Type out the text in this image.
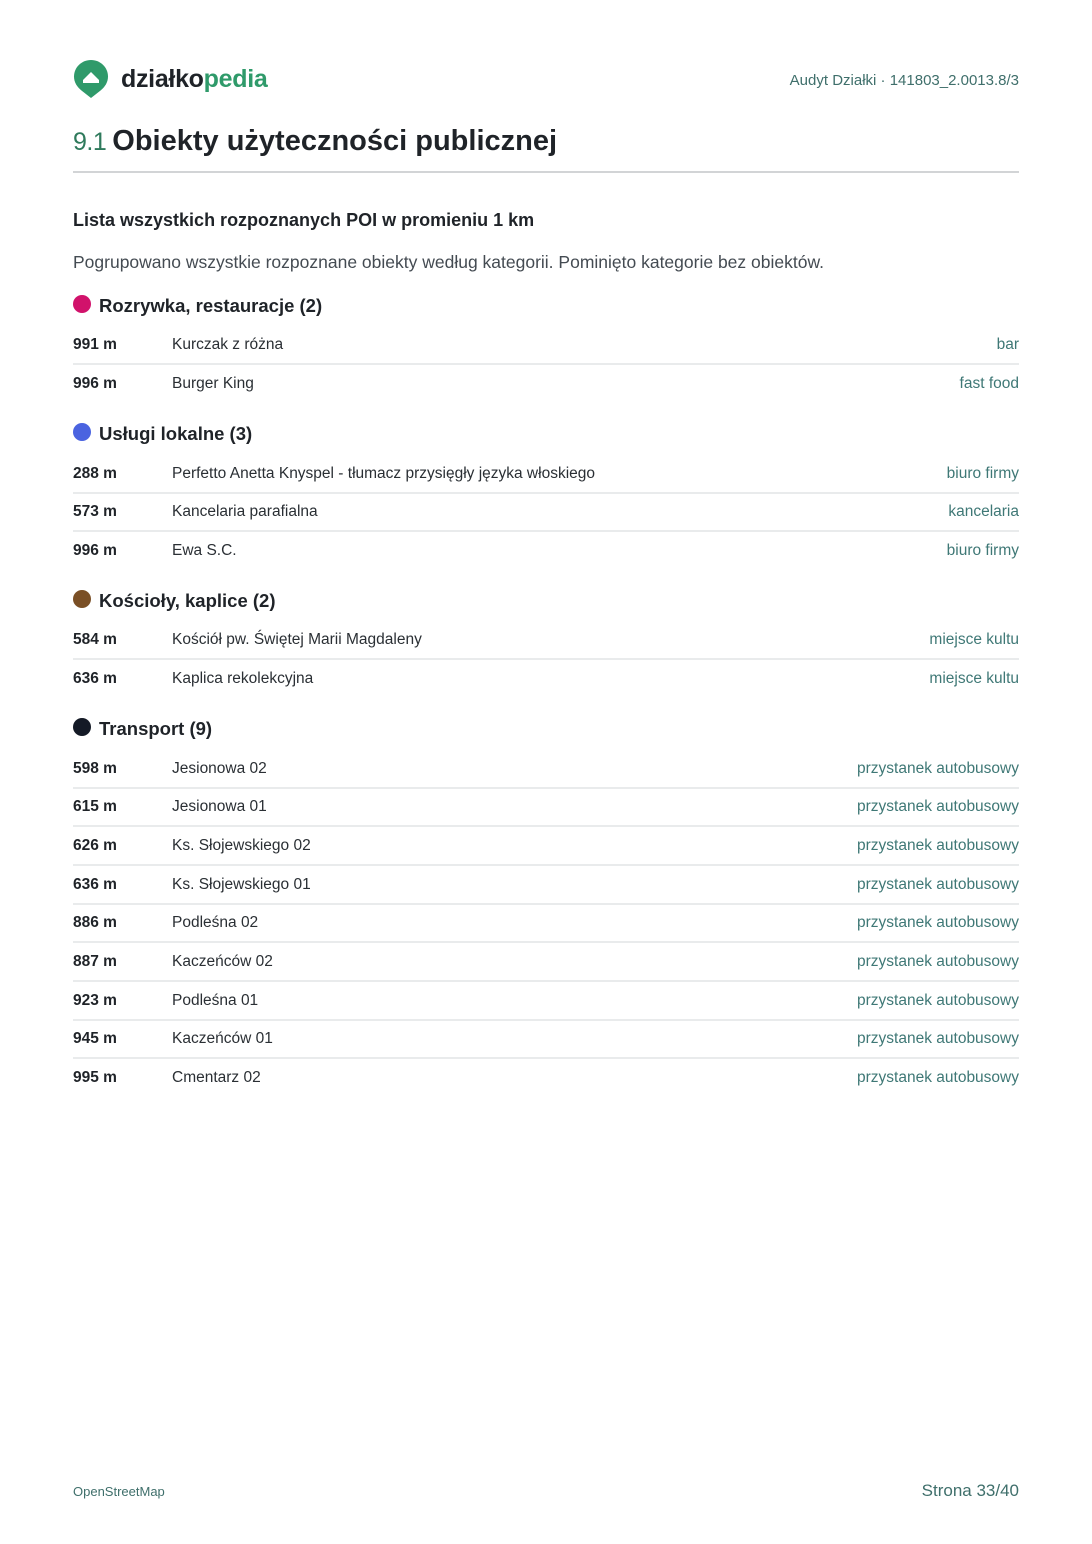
działkopedia	Audyt Działki · 141803_2.0013.8/3
9.1 Obiekty użyteczności publicznej
Lista wszystkich rozpoznanych POI w promieniu 1 km
Pogrupowano wszystkie rozpoznane obiekty według kategorii. Pominięto kategorie bez obiektów.
Rozrywka, restauracje (2)
991 m	Kurczak z różna	bar
996 m	Burger King	fast food
Usługi lokalne (3)
288 m	Perfetto Anetta Knyspel - tłumacz przysięgły języka włoskiego	biuro firmy
573 m	Kancelaria parafialna	kancelaria
996 m	Ewa S.C.	biuro firmy
Kościoły, kaplice (2)
584 m	Kościół pw. Świętej Marii Magdaleny	miejsce kultu
636 m	Kaplica rekolekcyjna	miejsce kultu
Transport (9)
598 m	Jesionowa 02	przystanek autobusowy
615 m	Jesionowa 01	przystanek autobusowy
626 m	Ks. Słojewskiego 02	przystanek autobusowy
636 m	Ks. Słojewskiego 01	przystanek autobusowy
886 m	Podleśna 02	przystanek autobusowy
887 m	Kaczeńców 02	przystanek autobusowy
923 m	Podleśna 01	przystanek autobusowy
945 m	Kaczeńców 01	przystanek autobusowy
995 m	Cmentarz 02	przystanek autobusowy
OpenStreetMap	Strona 33/40
